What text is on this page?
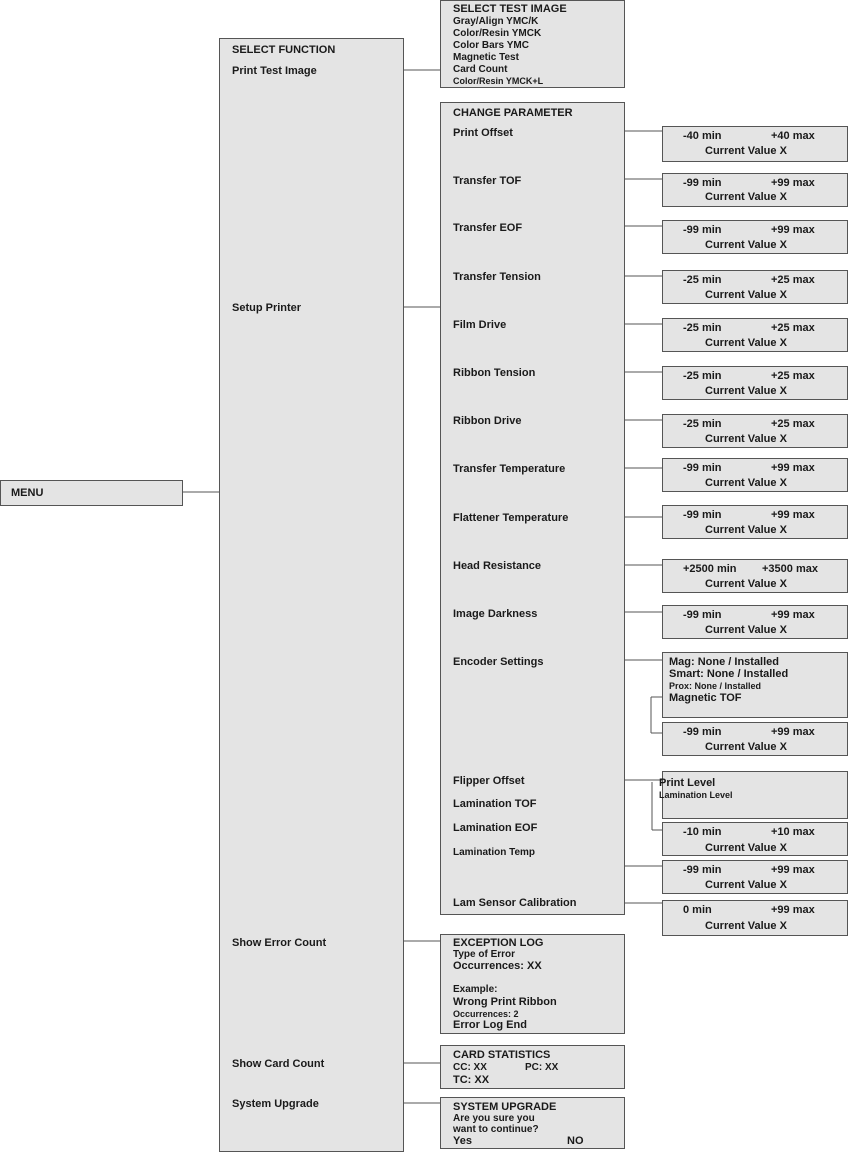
MENU
SELECT FUNCTION
Print Test Image
Setup Printer
Show Error Count
Show Card Count
System Upgrade
SELECT TEST IMAGE
Gray/Align YMC/K
Color/Resin YMCK
Color Bars YMC
Magnetic Test
Card Count
Color/Resin YMCK+L
CHANGE PARAMETER
Print Offset
Transfer TOF
Transfer EOF
Transfer Tension
Film Drive
Ribbon Tension
Ribbon Drive
Transfer Temperature
Flattener Temperature
Head Resistance
Image Darkness
Encoder Settings
Flipper Offset
Lamination TOF
Lamination EOF
Lamination Temp
Lam Sensor Calibration
-40 min	+40 max
Current Value X
-99 min	+99 max
Current Value X
-99 min	+99 max
Current Value X
-25 min	+25 max
Current Value X
-25 min	+25 max
Current Value X
-25 min	+25 max
Current Value X
-25 min	+25 max
Current Value X
-99 min	+99 max
Current Value X
-99 min	+99 max
Current Value X
+2500 min +3500 max
Current Value X
-99 min	+99 max
Current Value X
Mag: None / Installed
Smart: None / Installed
Prox: None / Installed
Magnetic TOF
-99 min	+99 max
Current Value X
Print Level
Lamination Level
-10 min	+10 max
Current Value X
-99 min	+99 max
Current Value X
0 min	+99 max
Current Value X
EXCEPTION LOG
Type of Error
Occurrences: XX
Example:
Wrong Print Ribbon
Occurrences: 2
Error Log End
CARD STATISTICS
CC: XX	PC: XX
TC: XX
SYSTEM UPGRADE
Are you sure you
want to continue?
Yes	NO
